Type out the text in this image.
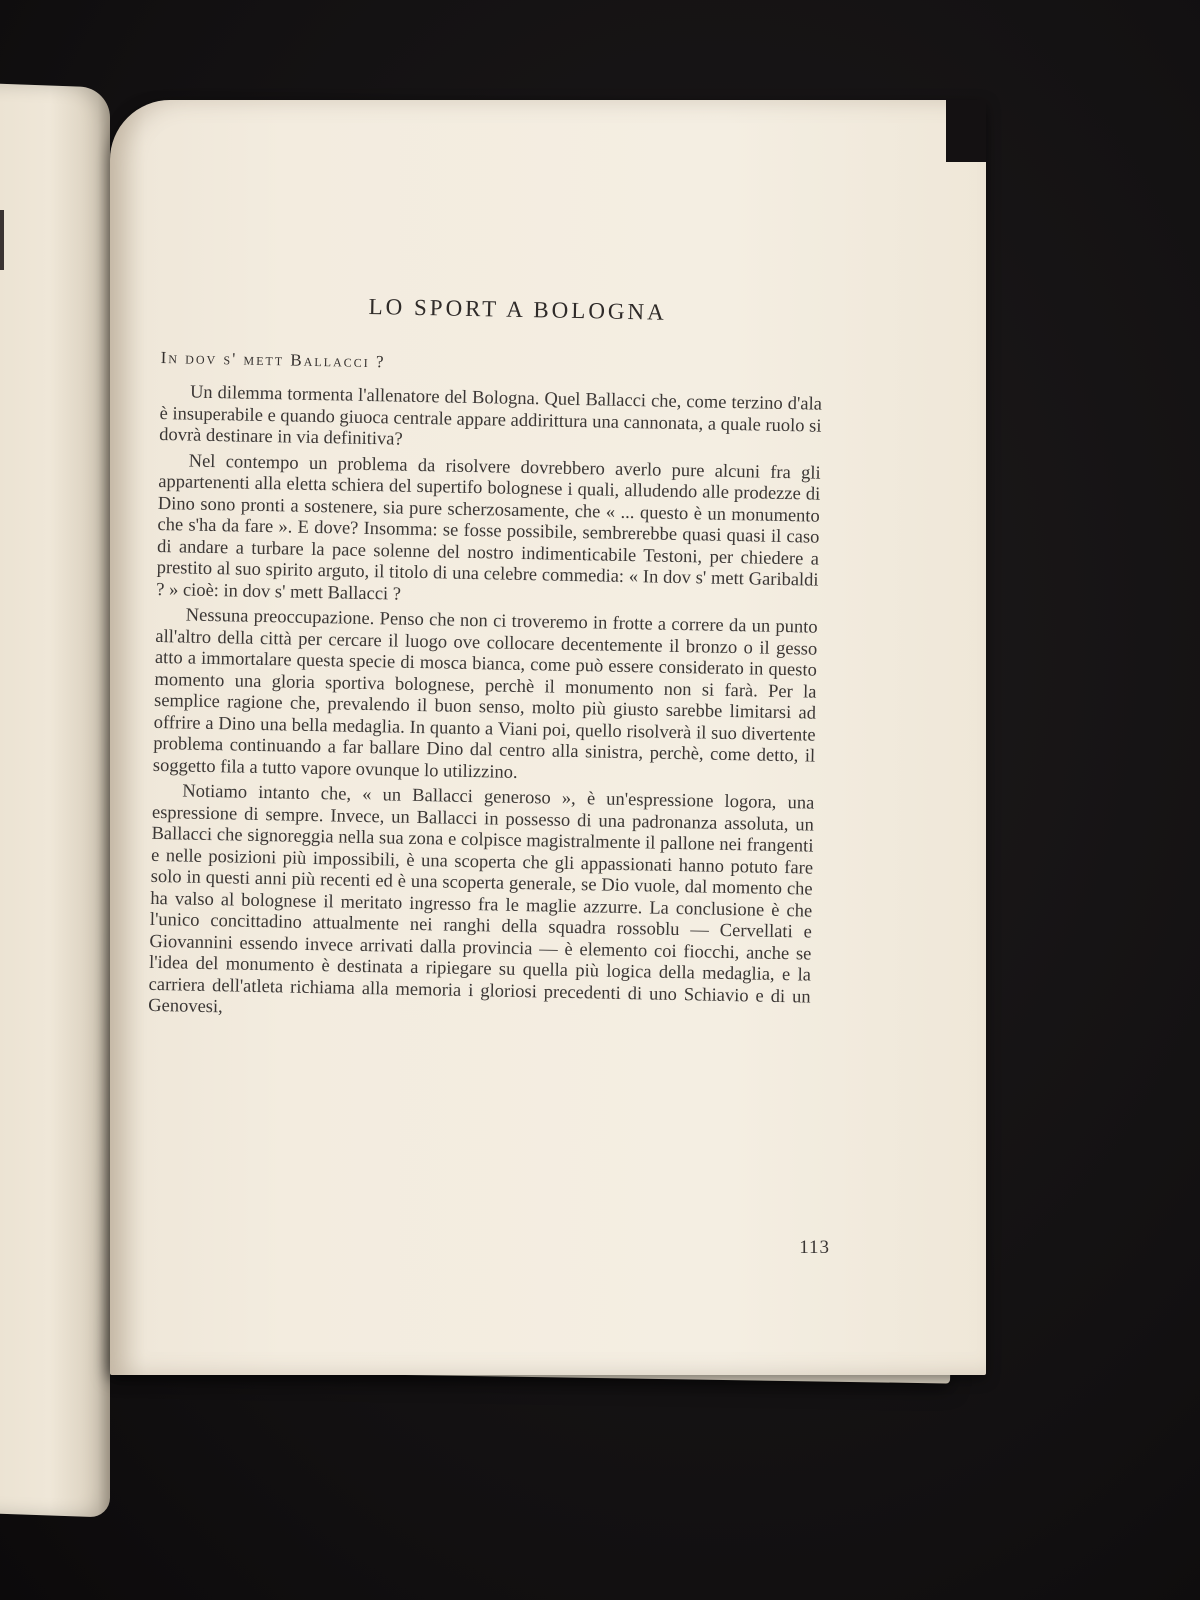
LO SPORT A BOLOGNA
In dov s' mett Ballacci ?

Un dilemma tormenta l'allenatore del Bologna. Quel Ballacci che, come terzino d'ala è insuperabile e quando giuoca centrale appare addirittura una cannonata, a quale ruolo si dovrà destinare in via definitiva?

Nel contempo un problema da risolvere dovrebbero averlo pure alcuni fra gli appartenenti alla eletta schiera del supertifo bolognese i quali, alludendo alle prodezze di Dino sono pronti a sostenere, sia pure scherzosamente, che « ... questo è un monumento che s'ha da fare ». E dove? Insomma: se fosse possibile, sembrerebbe quasi quasi il caso di andare a turbare la pace solenne del nostro indimenticabile Testoni, per chiedere a prestito al suo spirito arguto, il titolo di una celebre commedia: « In dov s' mett Garibaldi ? » cioè: in dov s' mett Ballacci ?

Nessuna preoccupazione. Penso che non ci troveremo in frotte a correre da un punto all'altro della città per cercare il luogo ove collocare decentemente il bronzo o il gesso atto a immortalare questa specie di mosca bianca, come può essere considerato in questo momento una gloria sportiva bolognese, perchè il monumento non si farà. Per la semplice ragione che, prevalendo il buon senso, molto più giusto sarebbe limitarsi ad offrire a Dino una bella medaglia. In quanto a Viani poi, quello risolverà il suo divertente problema continuando a far ballare Dino dal centro alla sinistra, perchè, come detto, il soggetto fila a tutto vapore ovunque lo utilizzino.

Notiamo intanto che, « un Ballacci generoso », è un'espressione logora, una espressione di sempre. Invece, un Ballacci in possesso di una padronanza assoluta, un Ballacci che signoreggia nella sua zona e colpisce magistralmente il pallone nei frangenti e nelle posizioni più impossibili, è una scoperta che gli appassionati hanno potuto fare solo in questi anni più recenti ed è una scoperta generale, se Dio vuole, dal momento che ha valso al bolognese il meritato ingresso fra le maglie azzurre. La conclusione è che l'unico concittadino attualmente nei ranghi della squadra rossoblu — Cervellati e Giovannini essendo invece arrivati dalla provincia — è elemento coi fiocchi, anche se l'idea del monumento è destinata a ripiegare su quella più logica della medaglia, e la carriera dell'atleta richiama alla memoria i gloriosi precedenti di uno Schiavio e di un Genovesi,

113
